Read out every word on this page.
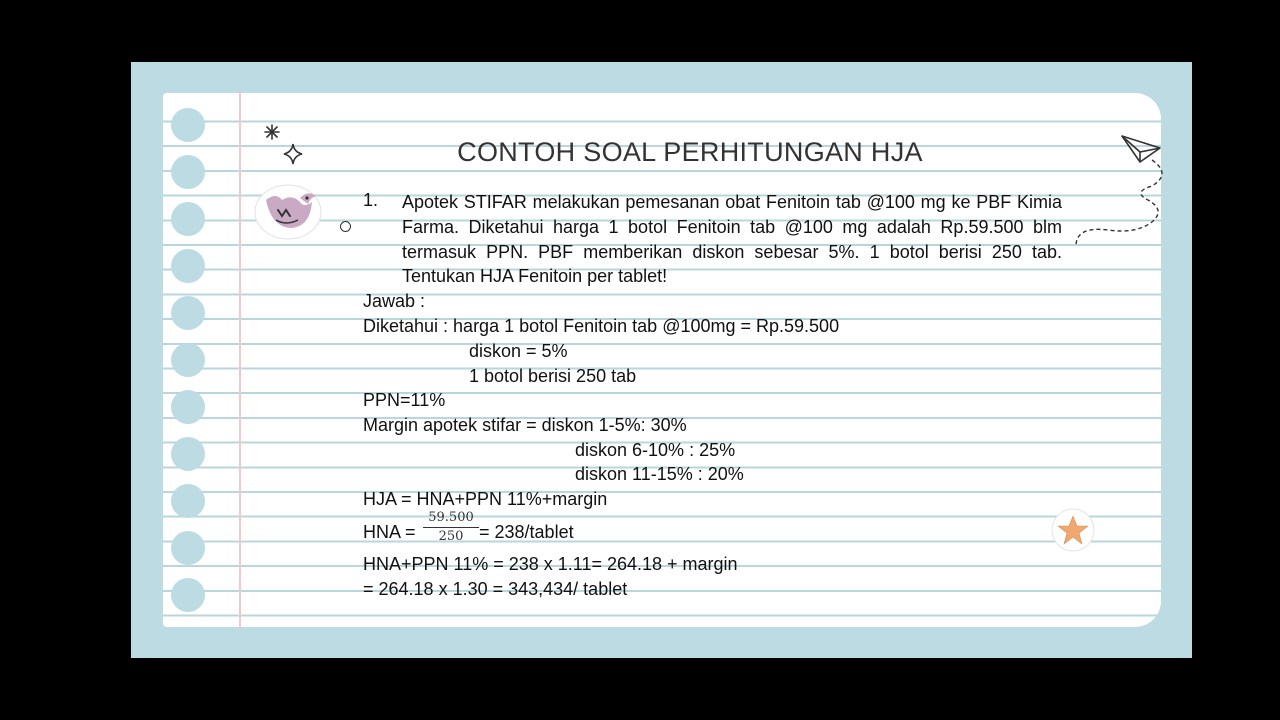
CONTOH SOAL PERHITUNGAN HJA
1. Apotek STIFAR melakukan pemesanan obat Fenitoin tab @100 mg ke PBF Kimia Farma. Diketahui harga 1 botol Fenitoin tab @100 mg adalah Rp.59.500 blm termasuk PPN. PBF memberikan diskon sebesar 5%. 1 botol berisi 250 tab. Tentukan HJA Fenitoin per tablet!
Jawab :
Diketahui : harga 1 botol Fenitoin tab @100mg = Rp.59.500
diskon = 5%
1 botol berisi 250 tab
PPN=11%
Margin apotek stifar = diskon 1-5%: 30%
diskon 6-10% : 25%
diskon 11-15% : 20%
HJA = HNA+PPN 11%+margin
HNA =
59.500
250 = 238/tablet
HNA+PPN 11% = 238 x 1.11= 264.18 + margin
= 264.18 x 1.30 = 343,434/ tablet
